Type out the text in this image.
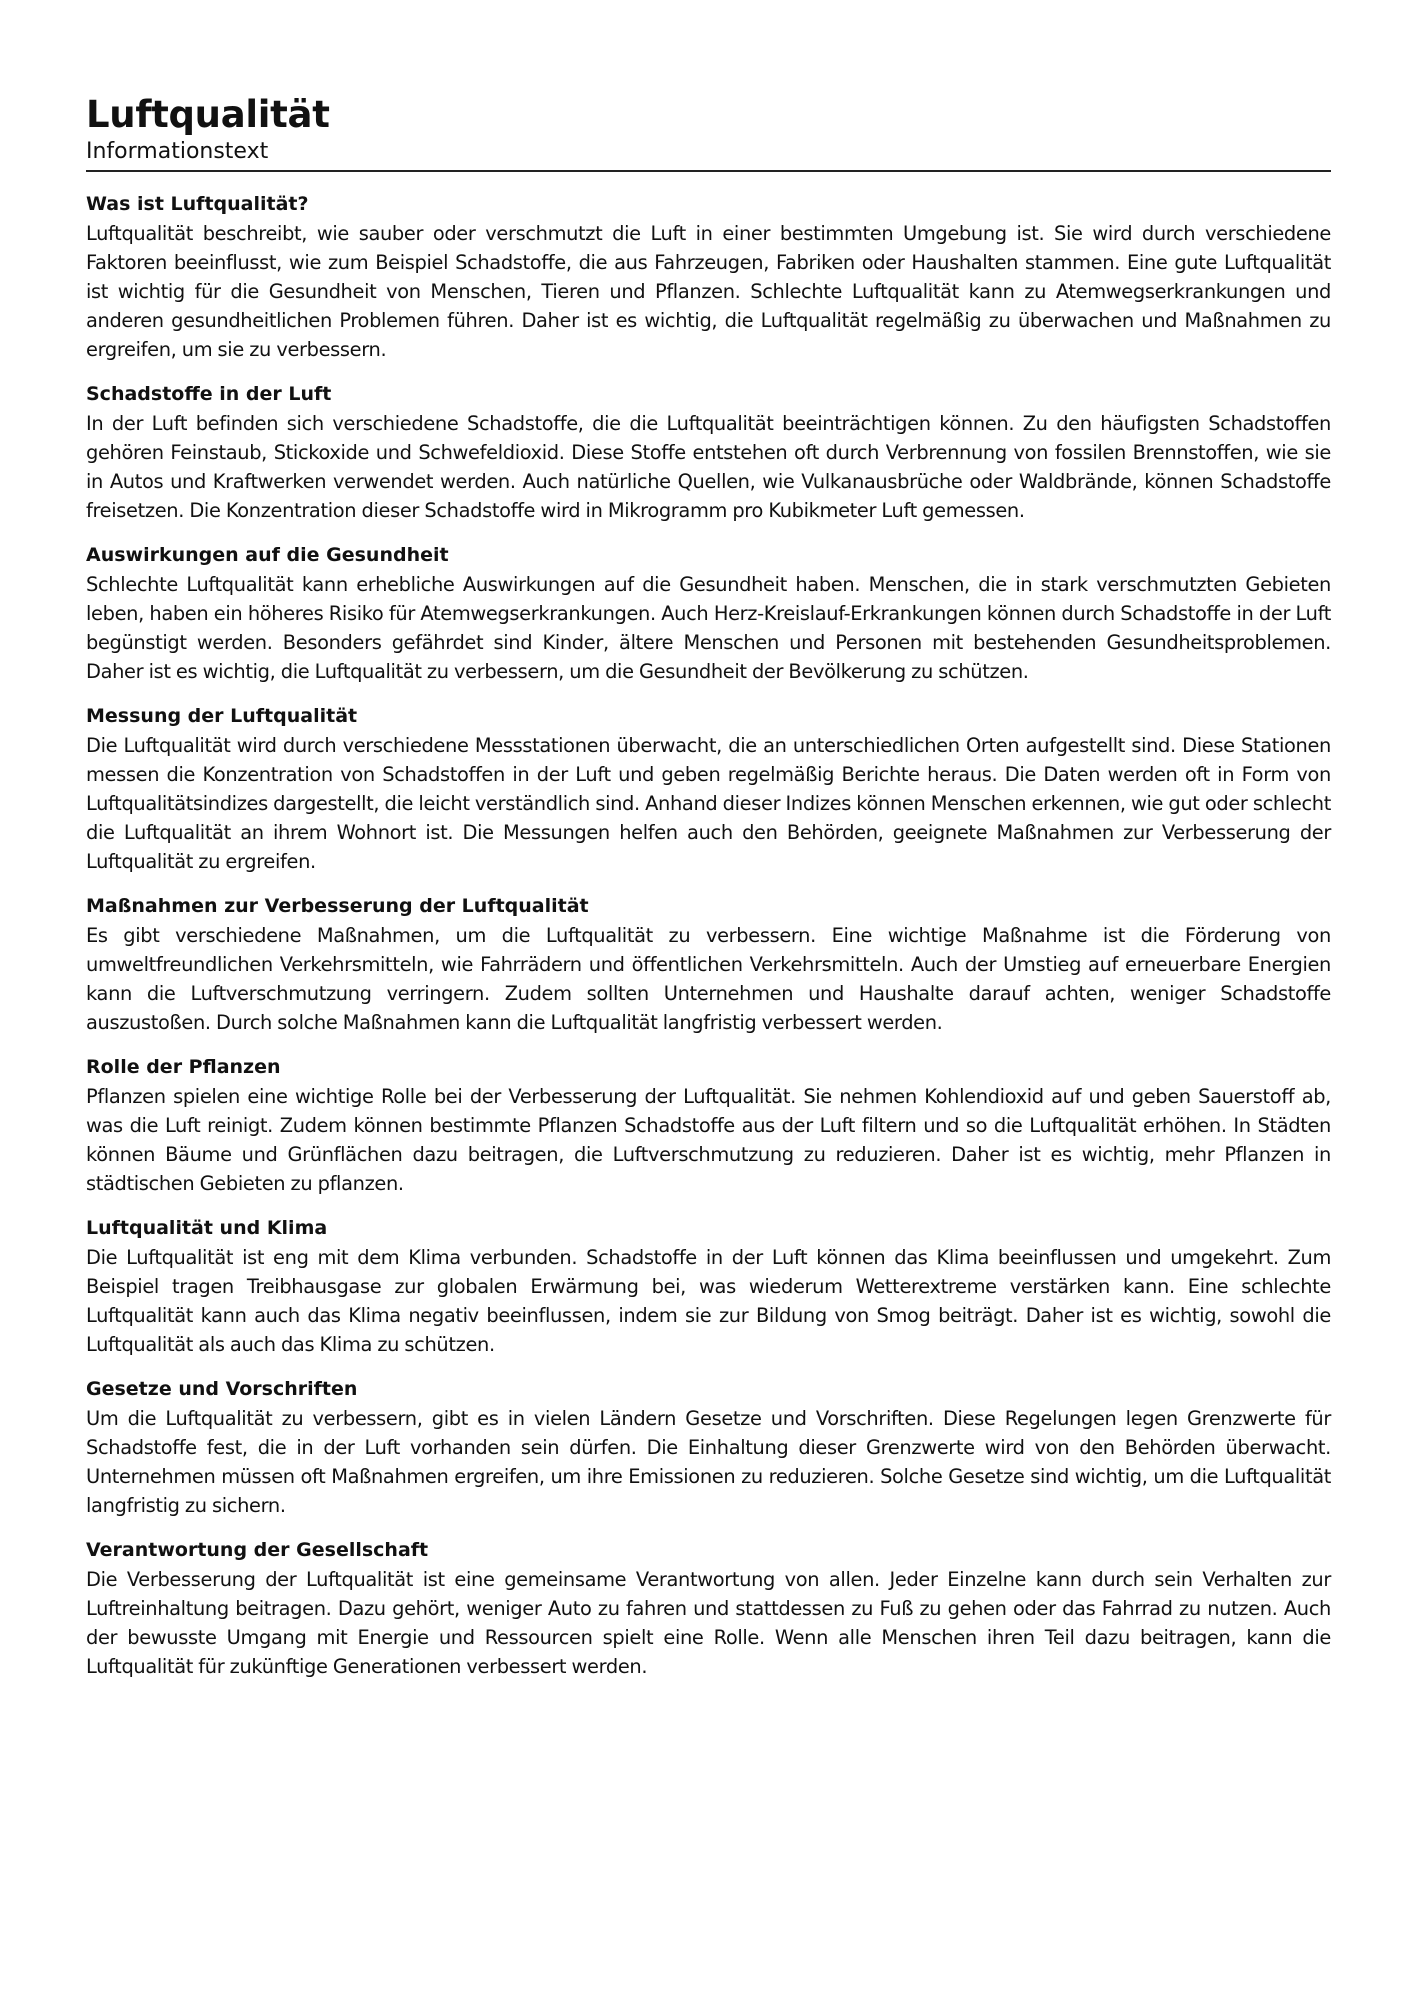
Luftqualität

Informationstext

Was ist Luftqualität?

Luftqualität beschreibt, wie sauber oder verschmutzt die Luft in einer bestimmten Umgebung ist. Sie wird durch verschiedene Faktoren beeinflusst, wie zum Beispiel Schadstoffe, die aus Fahrzeugen, Fabriken oder Haushalten stammen. Eine gute Luftqualität ist wichtig für die Gesundheit von Menschen, Tieren und Pflanzen. Schlechte Luftqualität kann zu Atemwegserkrankungen und anderen gesundheitlichen Problemen führen. Daher ist es wichtig, die Luftqualität regelmäßig zu überwachen und Maßnahmen zu ergreifen, um sie zu verbessern.

Schadstoffe in der Luft

In der Luft befinden sich verschiedene Schadstoffe, die die Luftqualität beeinträchtigen können. Zu den häufigsten Schadstoffen gehören Feinstaub, Stickoxide und Schwefeldioxid. Diese Stoffe entstehen oft durch Verbrennung von fossilen Brennstoffen, wie sie in Autos und Kraftwerken verwendet werden. Auch natürliche Quellen, wie Vulkanausbrüche oder Waldbrände, können Schadstoffe freisetzen. Die Konzentration dieser Schadstoffe wird in Mikrogramm pro Kubikmeter Luft gemessen.

Auswirkungen auf die Gesundheit

Schlechte Luftqualität kann erhebliche Auswirkungen auf die Gesundheit haben. Menschen, die in stark verschmutzten Gebieten leben, haben ein höheres Risiko für Atemwegserkrankungen. Auch Herz-Kreislauf-Erkrankungen können durch Schadstoffe in der Luft begünstigt werden. Besonders gefährdet sind Kinder, ältere Menschen und Personen mit bestehenden Gesundheitsproblemen. Daher ist es wichtig, die Luftqualität zu verbessern, um die Gesundheit der Bevölkerung zu schützen.

Messung der Luftqualität

Die Luftqualität wird durch verschiedene Messstationen überwacht, die an unterschiedlichen Orten aufgestellt sind. Diese Stationen messen die Konzentration von Schadstoffen in der Luft und geben regelmäßig Berichte heraus. Die Daten werden oft in Form von Luftqualitätsindizes dargestellt, die leicht verständlich sind. Anhand dieser Indizes können Menschen erkennen, wie gut oder schlecht die Luftqualität an ihrem Wohnort ist. Die Messungen helfen auch den Behörden, geeignete Maßnahmen zur Verbesserung der Luftqualität zu ergreifen.

Maßnahmen zur Verbesserung der Luftqualität

Es gibt verschiedene Maßnahmen, um die Luftqualität zu verbessern. Eine wichtige Maßnahme ist die Förderung von umweltfreundlichen Verkehrsmitteln, wie Fahrrädern und öffentlichen Verkehrsmitteln. Auch der Umstieg auf erneuerbare Energien kann die Luftverschmutzung verringern. Zudem sollten Unternehmen und Haushalte darauf achten, weniger Schadstoffe auszustoßen. Durch solche Maßnahmen kann die Luftqualität langfristig verbessert werden.

Rolle der Pflanzen

Pflanzen spielen eine wichtige Rolle bei der Verbesserung der Luftqualität. Sie nehmen Kohlendioxid auf und geben Sauerstoff ab, was die Luft reinigt. Zudem können bestimmte Pflanzen Schadstoffe aus der Luft filtern und so die Luftqualität erhöhen. In Städten können Bäume und Grünflächen dazu beitragen, die Luftverschmutzung zu reduzieren. Daher ist es wichtig, mehr Pflanzen in städtischen Gebieten zu pflanzen.

Luftqualität und Klima

Die Luftqualität ist eng mit dem Klima verbunden. Schadstoffe in der Luft können das Klima beeinflussen und umgekehrt. Zum Beispiel tragen Treibhausgase zur globalen Erwärmung bei, was wiederum Wetterextreme verstärken kann. Eine schlechte Luftqualität kann auch das Klima negativ beeinflussen, indem sie zur Bildung von Smog beiträgt. Daher ist es wichtig, sowohl die Luftqualität als auch das Klima zu schützen.

Gesetze und Vorschriften

Um die Luftqualität zu verbessern, gibt es in vielen Ländern Gesetze und Vorschriften. Diese Regelungen legen Grenzwerte für Schadstoffe fest, die in der Luft vorhanden sein dürfen. Die Einhaltung dieser Grenzwerte wird von den Behörden überwacht. Unternehmen müssen oft Maßnahmen ergreifen, um ihre Emissionen zu reduzieren. Solche Gesetze sind wichtig, um die Luftqualität langfristig zu sichern.

Verantwortung der Gesellschaft

Die Verbesserung der Luftqualität ist eine gemeinsame Verantwortung von allen. Jeder Einzelne kann durch sein Verhalten zur Luftreinhaltung beitragen. Dazu gehört, weniger Auto zu fahren und stattdessen zu Fuß zu gehen oder das Fahrrad zu nutzen. Auch der bewusste Umgang mit Energie und Ressourcen spielt eine Rolle. Wenn alle Menschen ihren Teil dazu beitragen, kann die Luftqualität für zukünftige Generationen verbessert werden.
